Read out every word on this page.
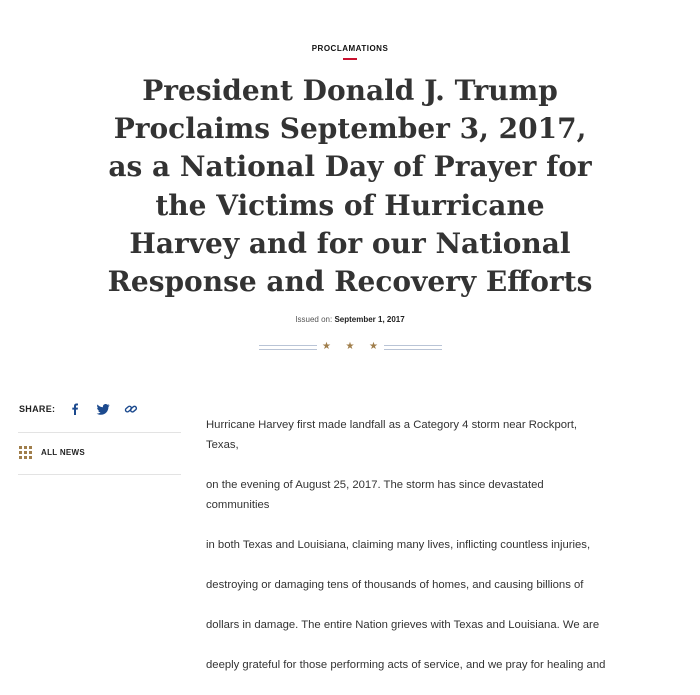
PROCLAMATIONS
President Donald J. Trump Proclaims September 3, 2017, as a National Day of Prayer for the Victims of Hurricane Harvey and for our National Response and Recovery Efforts
Issued on: September 1, 2017
★ ★ ★
SHARE:
ALL NEWS

Hurricane Harvey first made landfall as a Category 4 storm near Rockport, Texas,

on the evening of August 25, 2017. The storm has since devastated communities

in both Texas and Louisiana, claiming many lives, inflicting countless injuries,

destroying or damaging tens of thousands of homes, and causing billions of

dollars in damage. The entire Nation grieves with Texas and Louisiana. We are

deeply grateful for those performing acts of service, and we pray for healing and
